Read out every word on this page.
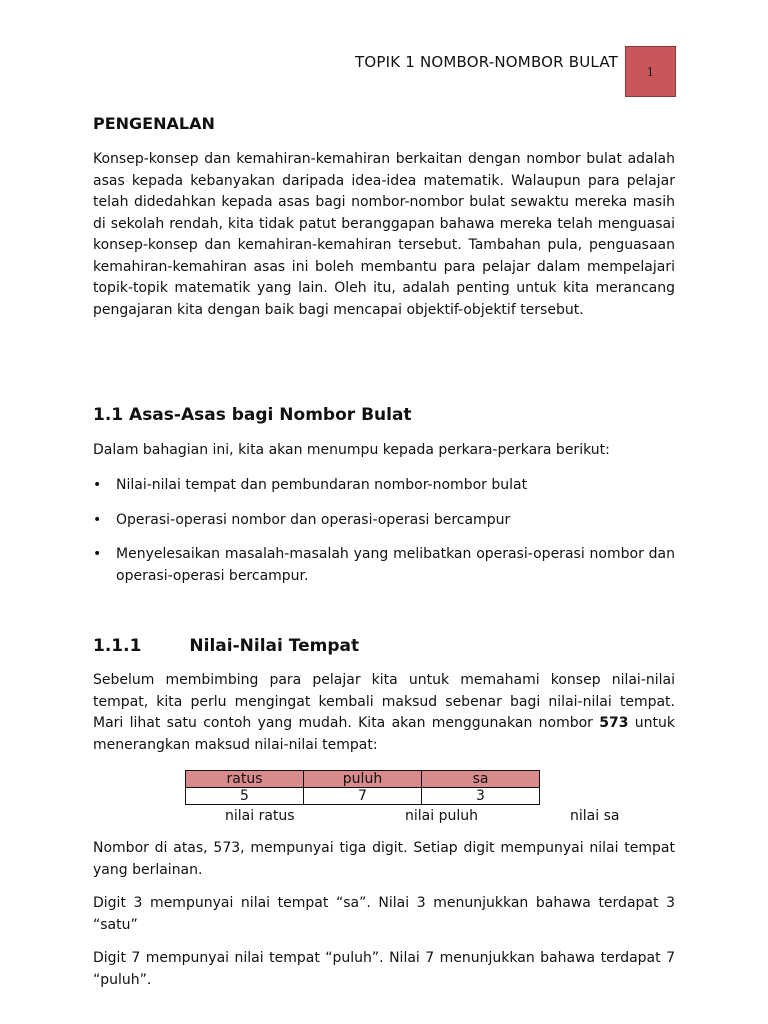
TOPIK 1 NOMBOR-NOMBOR BULAT
1
PENGENALAN

Konsep-konsep dan kemahiran-kemahiran berkaitan dengan nombor bulat adalah asas kepada kebanyakan daripada idea-idea matematik. Walaupun para pelajar telah didedahkan kepada asas bagi nombor-nombor bulat sewaktu mereka masih di sekolah rendah, kita tidak patut beranggapan bahawa mereka telah menguasai konsep-konsep dan kemahiran-kemahiran tersebut. Tambahan pula, penguasaan kemahiran-kemahiran asas ini boleh membantu para pelajar dalam mempelajari topik-topik matematik yang lain. Oleh itu, adalah penting untuk kita merancang pengajaran kita dengan baik bagi mencapai objektif-objektif tersebut.

1.1 Asas-Asas bagi Nombor Bulat

Dalam bahagian ini, kita akan menumpu kepada perkara-perkara berikut:

• Nilai-nilai tempat dan pembundaran nombor-nombor bulat
• Operasi-operasi nombor dan operasi-operasi bercampur
• Menyelesaikan masalah-masalah yang melibatkan operasi-operasi nombor dan operasi-operasi bercampur.
1.1.1	Nilai-Nilai Tempat

Sebelum membimbing para pelajar kita untuk memahami konsep nilai-nilai tempat, kita perlu mengingat kembali maksud sebenar bagi nilai-nilai tempat. Mari lihat satu contoh yang mudah. Kita akan menggunakan nombor 573 untuk menerangkan maksud nilai-nilai tempat:

Nombor di atas, 573, mempunyai tiga digit. Setiap digit mempunyai nilai tempat yang berlainan.

Digit 3 mempunyai nilai tempat “sa”. Nilai 3 menunjukkan bahawa terdapat 3 “satu”

Digit 7 mempunyai nilai tempat “puluh”. Nilai 7 menunjukkan bahawa terdapat 7 “puluh”.

ratus	puluh	sa
5	7	3
nilai ratus	nilai puluh	nilai sa
